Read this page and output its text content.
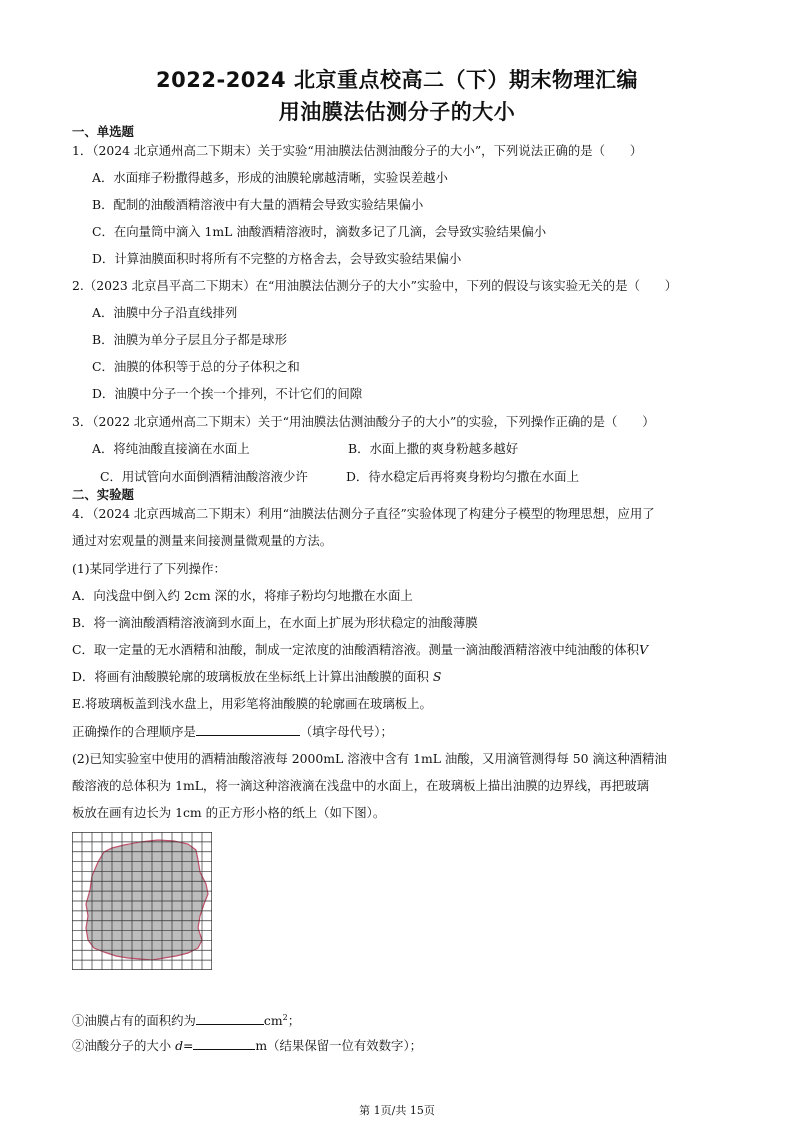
2022-2024 北京重点校高二（下）期末物理汇编
用油膜法估测分子的大小
一、单选题
1．（2024 北京通州高二下期末）关于实验“用油膜法估测油酸分子的大小”，下列说法正确的是（　　）
A．水面痱子粉撒得越多，形成的油膜轮廓越清晰，实验误差越小
B．配制的油酸酒精溶液中有大量的酒精会导致实验结果偏小
C．在向量筒中滴入 1mL 油酸酒精溶液时，滴数多记了几滴，会导致实验结果偏小
D．计算油膜面积时将所有不完整的方格舍去，会导致实验结果偏小
2.（2023 北京昌平高二下期末）在“用油膜法估测分子的大小”实验中，下列的假设与该实验无关的是（　　）
A．油膜中分子沿直线排列
B．油膜为单分子层且分子都是球形
C．油膜的体积等于总的分子体积之和
D．油膜中分子一个挨一个排列，不计它们的间隙
3．（2022 北京通州高二下期末）关于“用油膜法估测油酸分子的大小”的实验，下列操作正确的是（　　）
A．将纯油酸直接滴在水面上	B．水面上撒的爽身粉越多越好
C．用试管向水面倒酒精油酸溶液少许	D．待水稳定后再将爽身粉均匀撒在水面上
二、实验题
4．（2024 北京西城高二下期末）利用“油膜法估测分子直径”实验体现了构建分子模型的物理思想，应用了
通过对宏观量的测量来间接测量微观量的方法。
(1)某同学进行了下列操作：
A．向浅盘中倒入约 2cm 深的水，将痱子粉均匀地撒在水面上
B．将一滴油酸酒精溶液滴到水面上，在水面上扩展为形状稳定的油酸薄膜
C．取一定量的无水酒精和油酸，制成一定浓度的油酸酒精溶液。测量一滴油酸酒精溶液中纯油酸的体积V
D．将画有油酸膜轮廓的玻璃板放在坐标纸上计算出油酸膜的面积 S
E.将玻璃板盖到浅水盘上，用彩笔将油酸膜的轮廓画在玻璃板上。
正确操作的合理顺序是	（填字母代号）；
(2)已知实验室中使用的酒精油酸溶液每 2000mL 溶液中含有 1mL 油酸，又用滴管测得每 50 滴这种酒精油
酸溶液的总体积为 1mL，将一滴这种溶液滴在浅盘中的水面上，在玻璃板上描出油膜的边界线，再把玻璃
板放在画有边长为 1cm 的正方形小格的纸上（如下图）。
①油膜占有的面积约为	$cm^2$；
②油酸分子的大小 d=	m（结果保留一位有效数字）；
第 1页/共 15页
